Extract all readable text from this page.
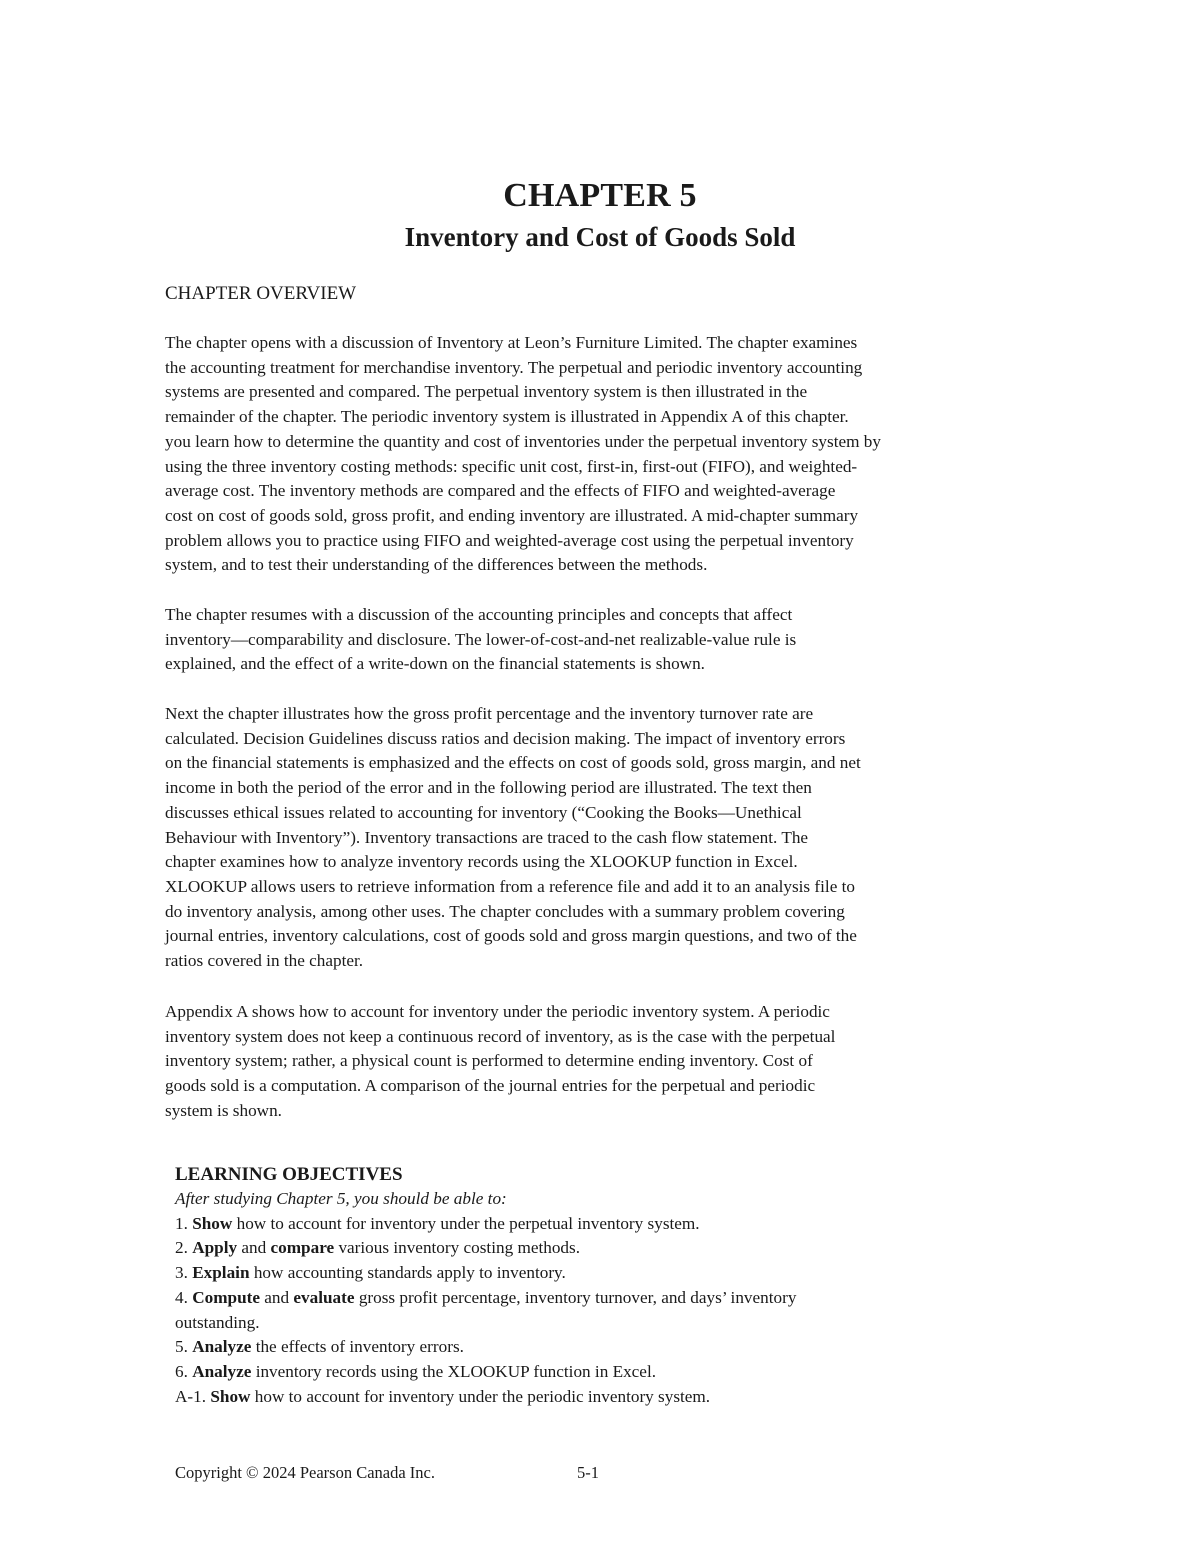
CHAPTER 5
Inventory and Cost of Goods Sold
CHAPTER OVERVIEW
The chapter opens with a discussion of Inventory at Leon’s Furniture Limited. The chapter examines
the accounting treatment for merchandise inventory. The perpetual and periodic inventory accounting
systems are presented and compared. The perpetual inventory system is then illustrated in the
remainder of the chapter. The periodic inventory system is illustrated in Appendix A of this chapter.
you learn how to determine the quantity and cost of inventories under the perpetual inventory system by
using the three inventory costing methods: specific unit cost, first-in, first-out (FIFO), and weighted-
average cost. The inventory methods are compared and the effects of FIFO and weighted-average
cost on cost of goods sold, gross profit, and ending inventory are illustrated. A mid-chapter summary
problem allows you to practice using FIFO and weighted-average cost using the perpetual inventory
system, and to test their understanding of the differences between the methods.
The chapter resumes with a discussion of the accounting principles and concepts that affect
inventory—comparability and disclosure. The lower-of-cost-and-net realizable-value rule is
explained, and the effect of a write-down on the financial statements is shown.
Next the chapter illustrates how the gross profit percentage and the inventory turnover rate are
calculated. Decision Guidelines discuss ratios and decision making. The impact of inventory errors
on the financial statements is emphasized and the effects on cost of goods sold, gross margin, and net
income in both the period of the error and in the following period are illustrated. The text then
discusses ethical issues related to accounting for inventory (“Cooking the Books—Unethical
Behaviour with Inventory”). Inventory transactions are traced to the cash flow statement. The
chapter examines how to analyze inventory records using the XLOOKUP function in Excel.
XLOOKUP allows users to retrieve information from a reference file and add it to an analysis file to
do inventory analysis, among other uses. The chapter concludes with a summary problem covering
journal entries, inventory calculations, cost of goods sold and gross margin questions, and two of the
ratios covered in the chapter.
Appendix A shows how to account for inventory under the periodic inventory system. A periodic
inventory system does not keep a continuous record of inventory, as is the case with the perpetual
inventory system; rather, a physical count is performed to determine ending inventory. Cost of
goods sold is a computation. A comparison of the journal entries for the perpetual and periodic
system is shown.
LEARNING OBJECTIVES
After studying Chapter 5, you should be able to:
1. Show how to account for inventory under the perpetual inventory system.
2. Apply and compare various inventory costing methods.
3. Explain how accounting standards apply to inventory.
4. Compute and evaluate gross profit percentage, inventory turnover, and days’ inventory
outstanding.
5. Analyze the effects of inventory errors.
6. Analyze inventory records using the XLOOKUP function in Excel.
A-1. Show how to account for inventory under the periodic inventory system.
Copyright © 2024 Pearson Canada Inc.	5-1
